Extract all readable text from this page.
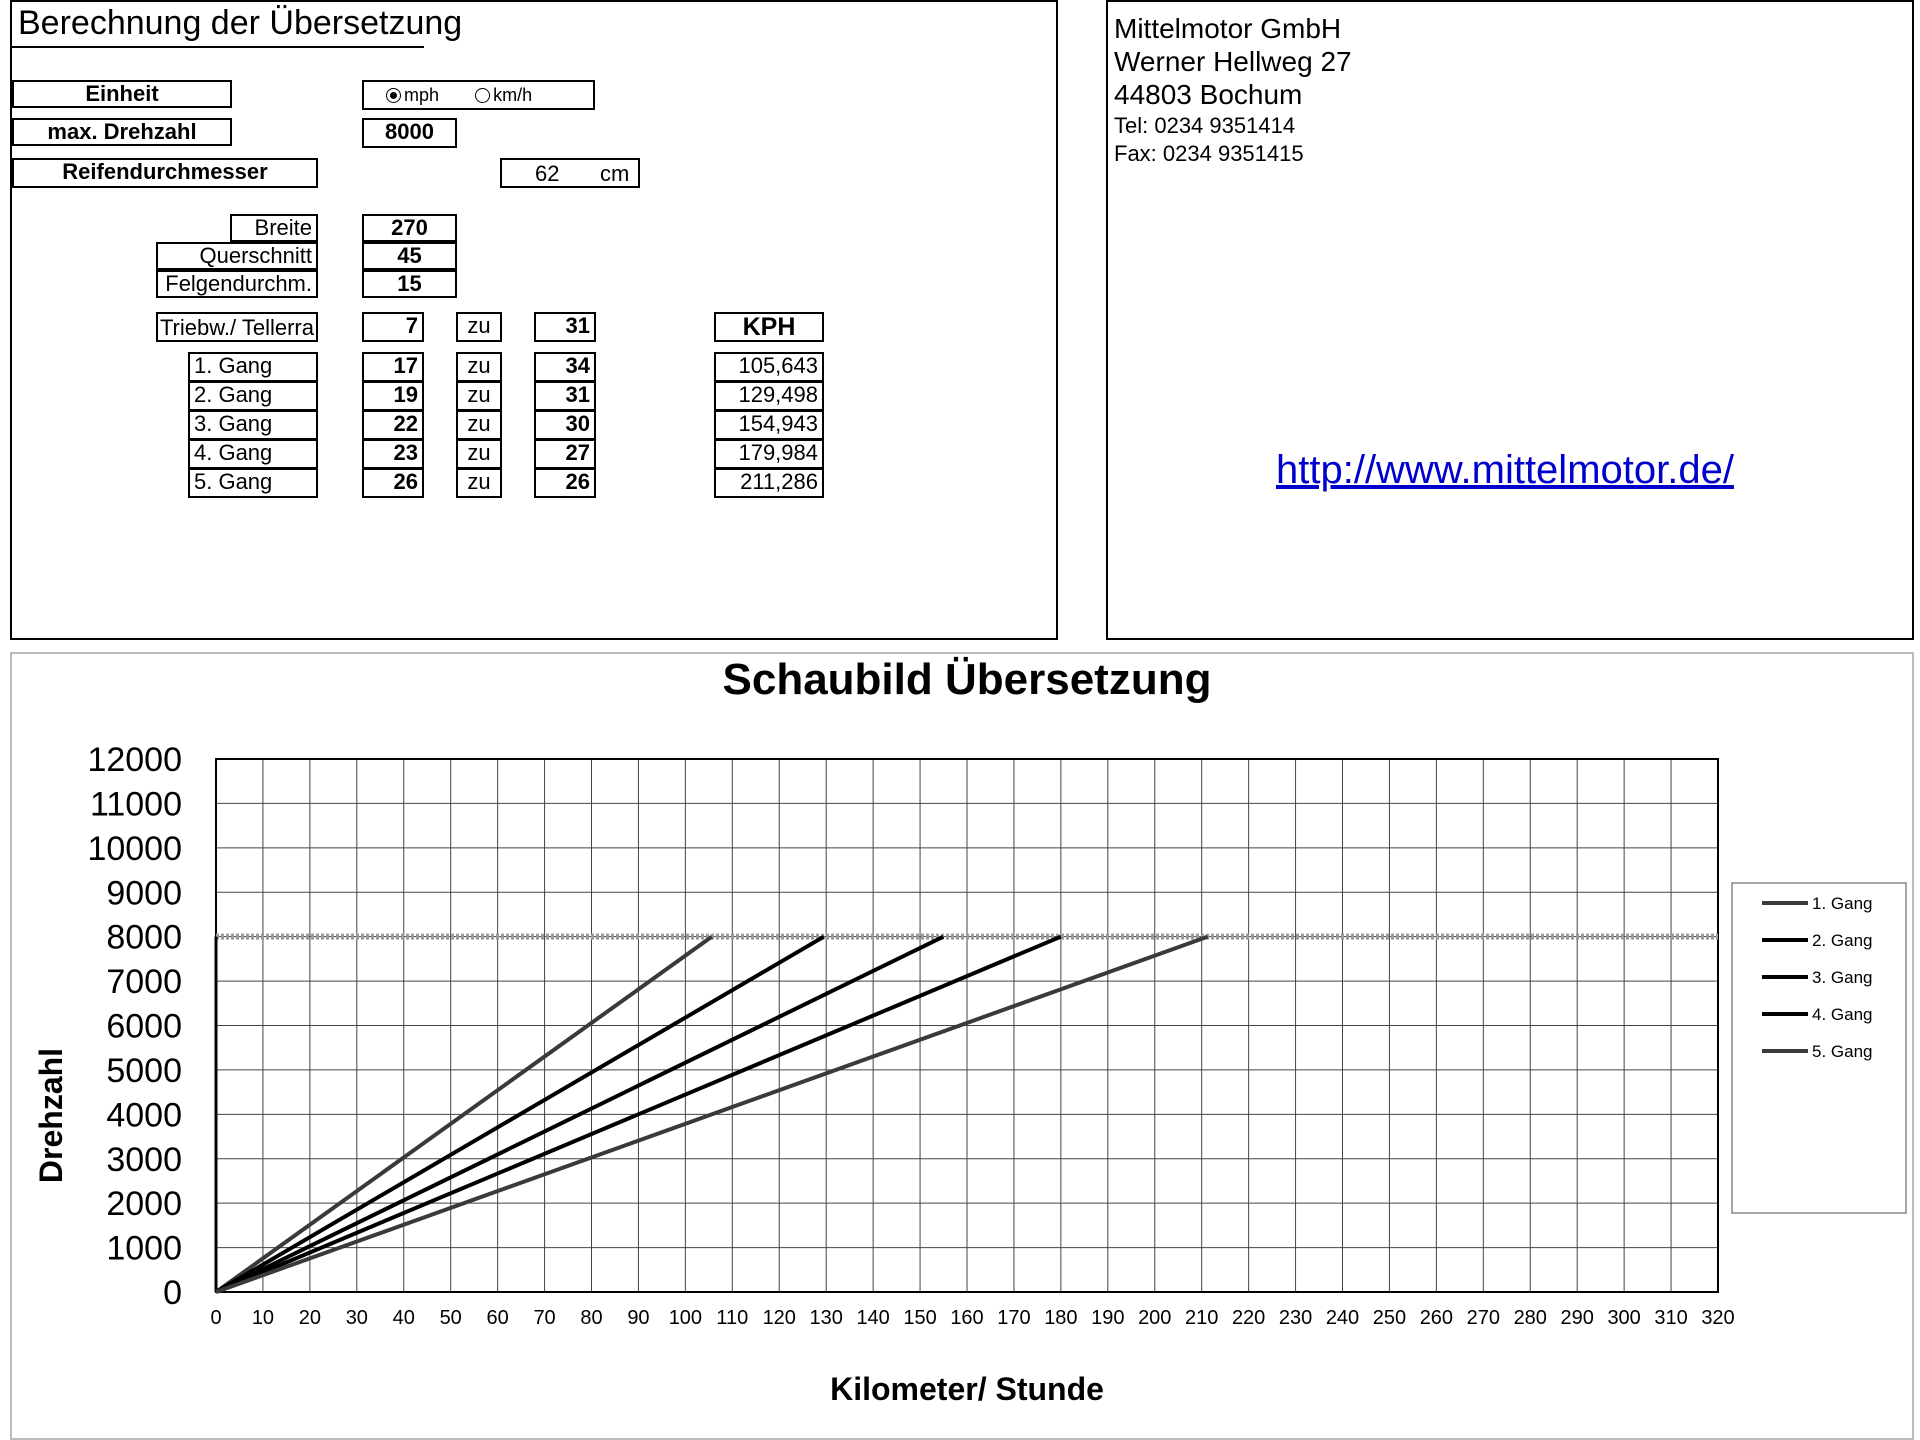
Berechnung der Übersetzung
Einheit	mph	km/h
max. Drehzahl	8000
Reifendurchmesser	62 cm
Breite	270
Querschnitt	45
Felgendurchm.	15
Triebw./ Tellerra	7	zu	31	KPH
1. Gang	17	zu	34	105,643
2. Gang	19	zu	31	129,498
3. Gang	22	zu	30	154,943
4. Gang	23	zu	27	179,984
5. Gang	26	zu	26	211,286
Mittelmotor GmbH
Werner Hellweg 27
44803 Bochum
Tel: 0234 9351414
Fax: 0234 9351415
http://www.mittelmotor.de/
Schaubild Übersetzung
0
1000
2000
3000
4000
5000
6000
7000
8000
9000
10000
11000
12000
0 10 20 30 40 50 60 70 80 90 100 110 120 130 140 150 160 170 180 190 200 210 220 230 240 250 260 270 280 290 300 310 320
Kilometer/ Stunde
Drehzahl
1. Gang
2. Gang
3. Gang
4. Gang
5. Gang
